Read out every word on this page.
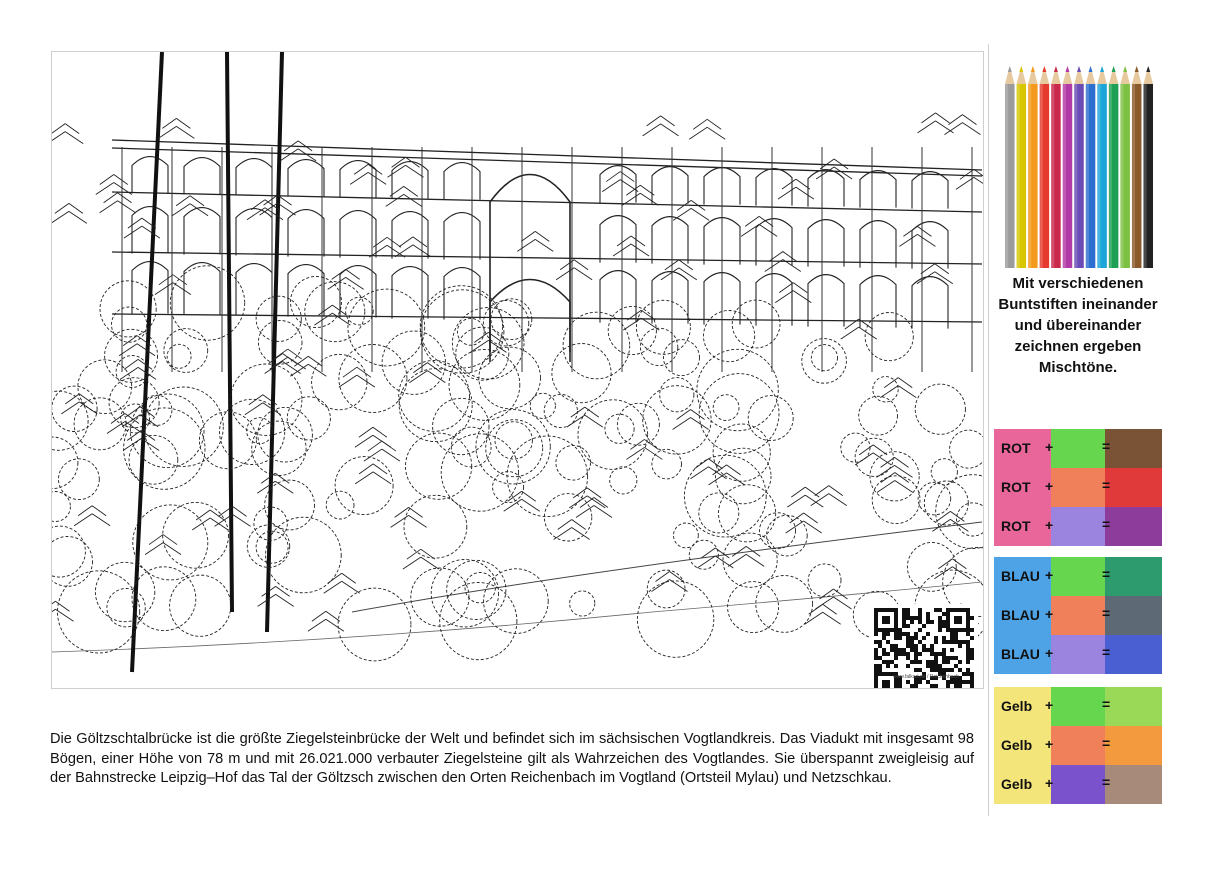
www.falkart.de / Reichenbach
Die Göltzschtalbrücke ist die größte Ziegelsteinbrücke der Welt und befindet sich im sächsischen Vogtlandkreis. Das Viadukt mit insgesamt 98 Bögen, einer Höhe von 78 m und mit 26.021.000 verbauter Ziegelsteine gilt als Wahrzeichen des Vogtlandes. Sie überspannt zweigleisig auf der Bahnstrecke Leipzig–Hof das Tal der Göltzsch zwischen den Orten Reichenbach im Vogtland (Ortsteil Mylau) und Netzschkau.
Mit verschiedenen Buntstiften ineinander und übereinander zeichnen ergeben Mischtöne.
ROT +	=
ROT +	=
ROT +	=
BLAU +	=
BLAU +	=
BLAU +	=
Gelb +	=
Gelb +	=
Gelb +	=
